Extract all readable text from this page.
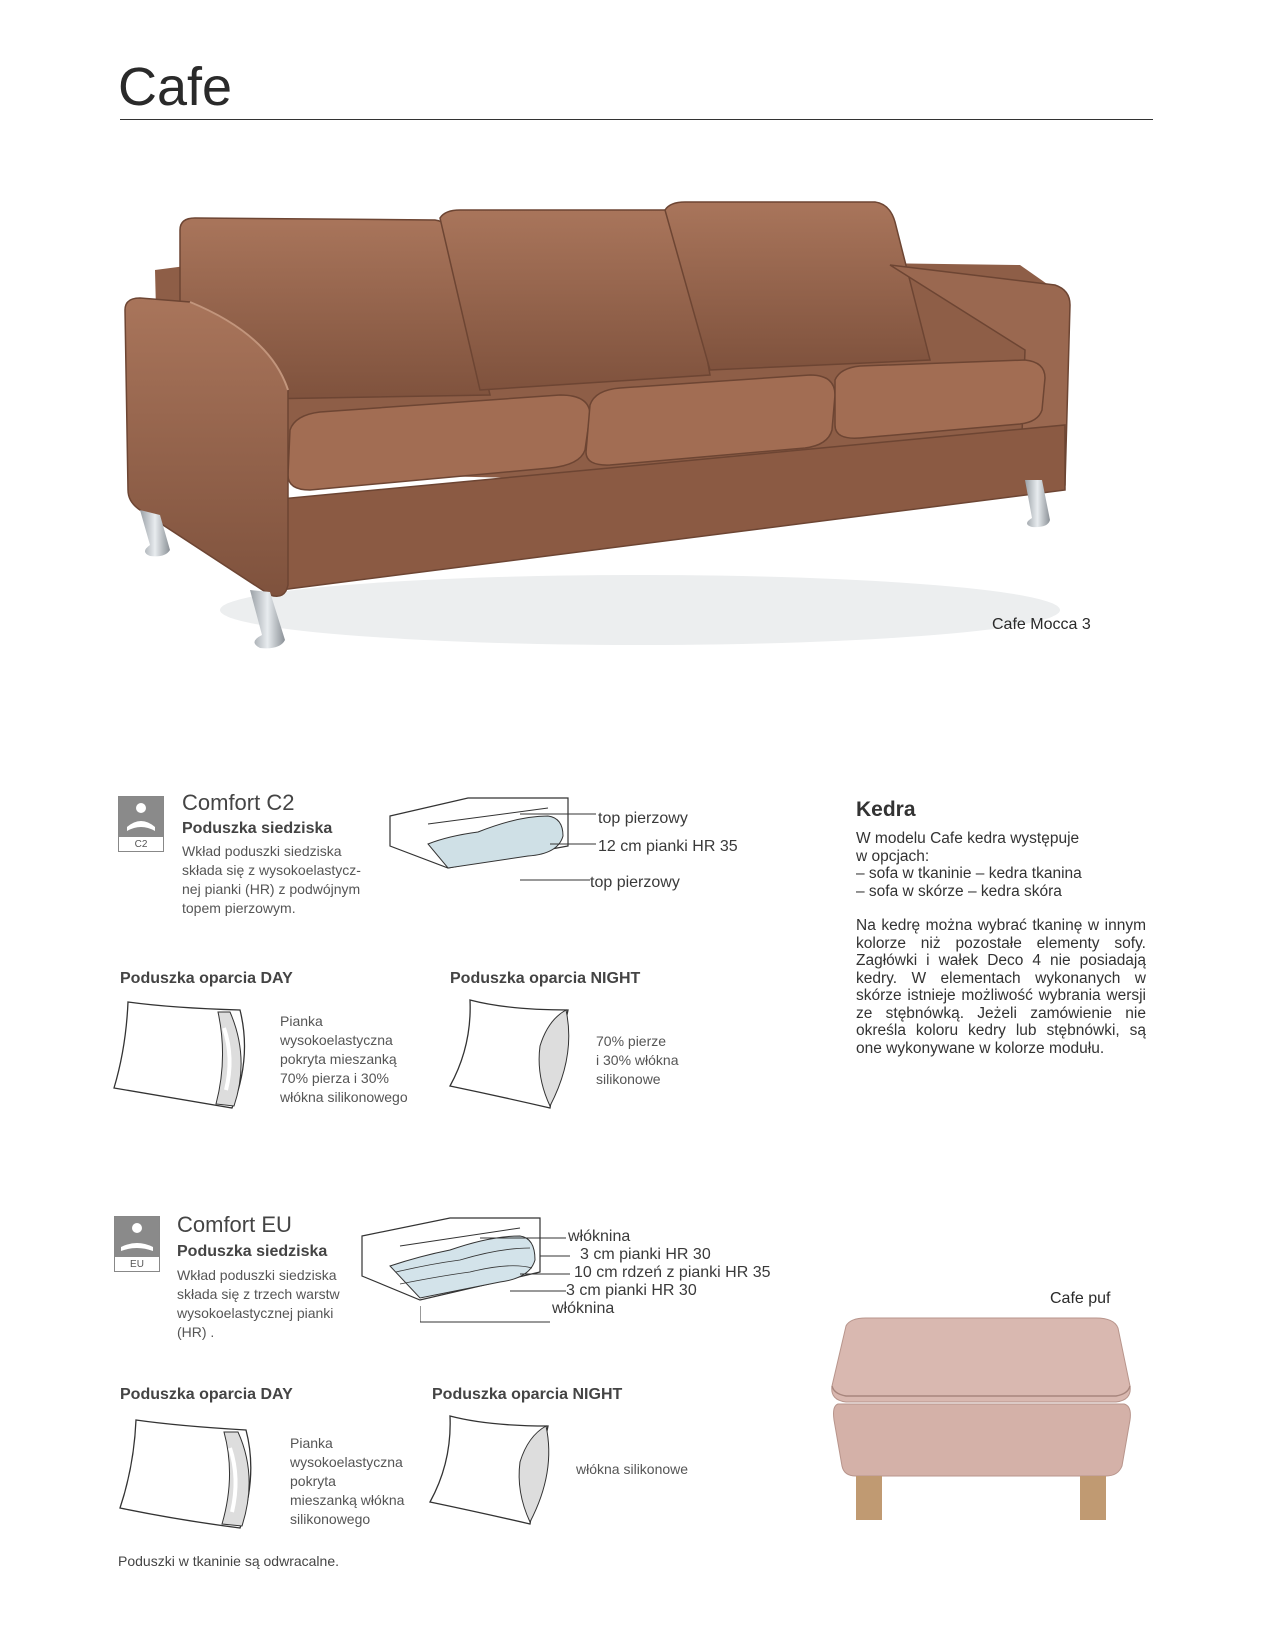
Cafe
Cafe Mocca 3
C2
Comfort C2
Poduszka siedziska
Wkład poduszki siedziska
składa się z wysokoelastycz-
nej pianki (HR) z podwójnym
topem pierzowym.
top pierzowy
12 cm pianki HR 35
top pierzowy
Poduszka oparcia DAY
Pianka
wysokoelastyczna
pokryta mieszanką
70% pierza i 30%
włókna silikonowego
Poduszka oparcia NIGHT
70% pierze
i 30% włókna
silikonowe
Kedra
W modelu Cafe kedra występuje
w opcjach:
– sofa w tkaninie – kedra tkanina
– sofa w skórze – kedra skóra
Na kedrę można wybrać tkaninę w innym kolorze niż pozostałe elementy sofy. Zagłówki i wałek Deco 4 nie posiadają kedry. W elementach wykonanych w skórze istnieje możliwość wybrania wersji ze stębnówką. Jeżeli zamówienie nie określa koloru kedry lub stębnówki, są one wykonywane w kolorze modułu.
EU
Comfort EU
Poduszka siedziska
Wkład poduszki siedziska
składa się z trzech warstw
wysokoelastycznej pianki
(HR) .
włóknina
3 cm pianki HR 30
10 cm rdzeń z pianki HR 35
3 cm pianki HR 30
włóknina
Poduszka oparcia DAY
Pianka
wysokoelastyczna
pokryta
mieszanką włókna
silikonowego
Poduszka oparcia NIGHT
włókna silikonowe
Cafe puf
Poduszki w tkaninie są odwracalne.
